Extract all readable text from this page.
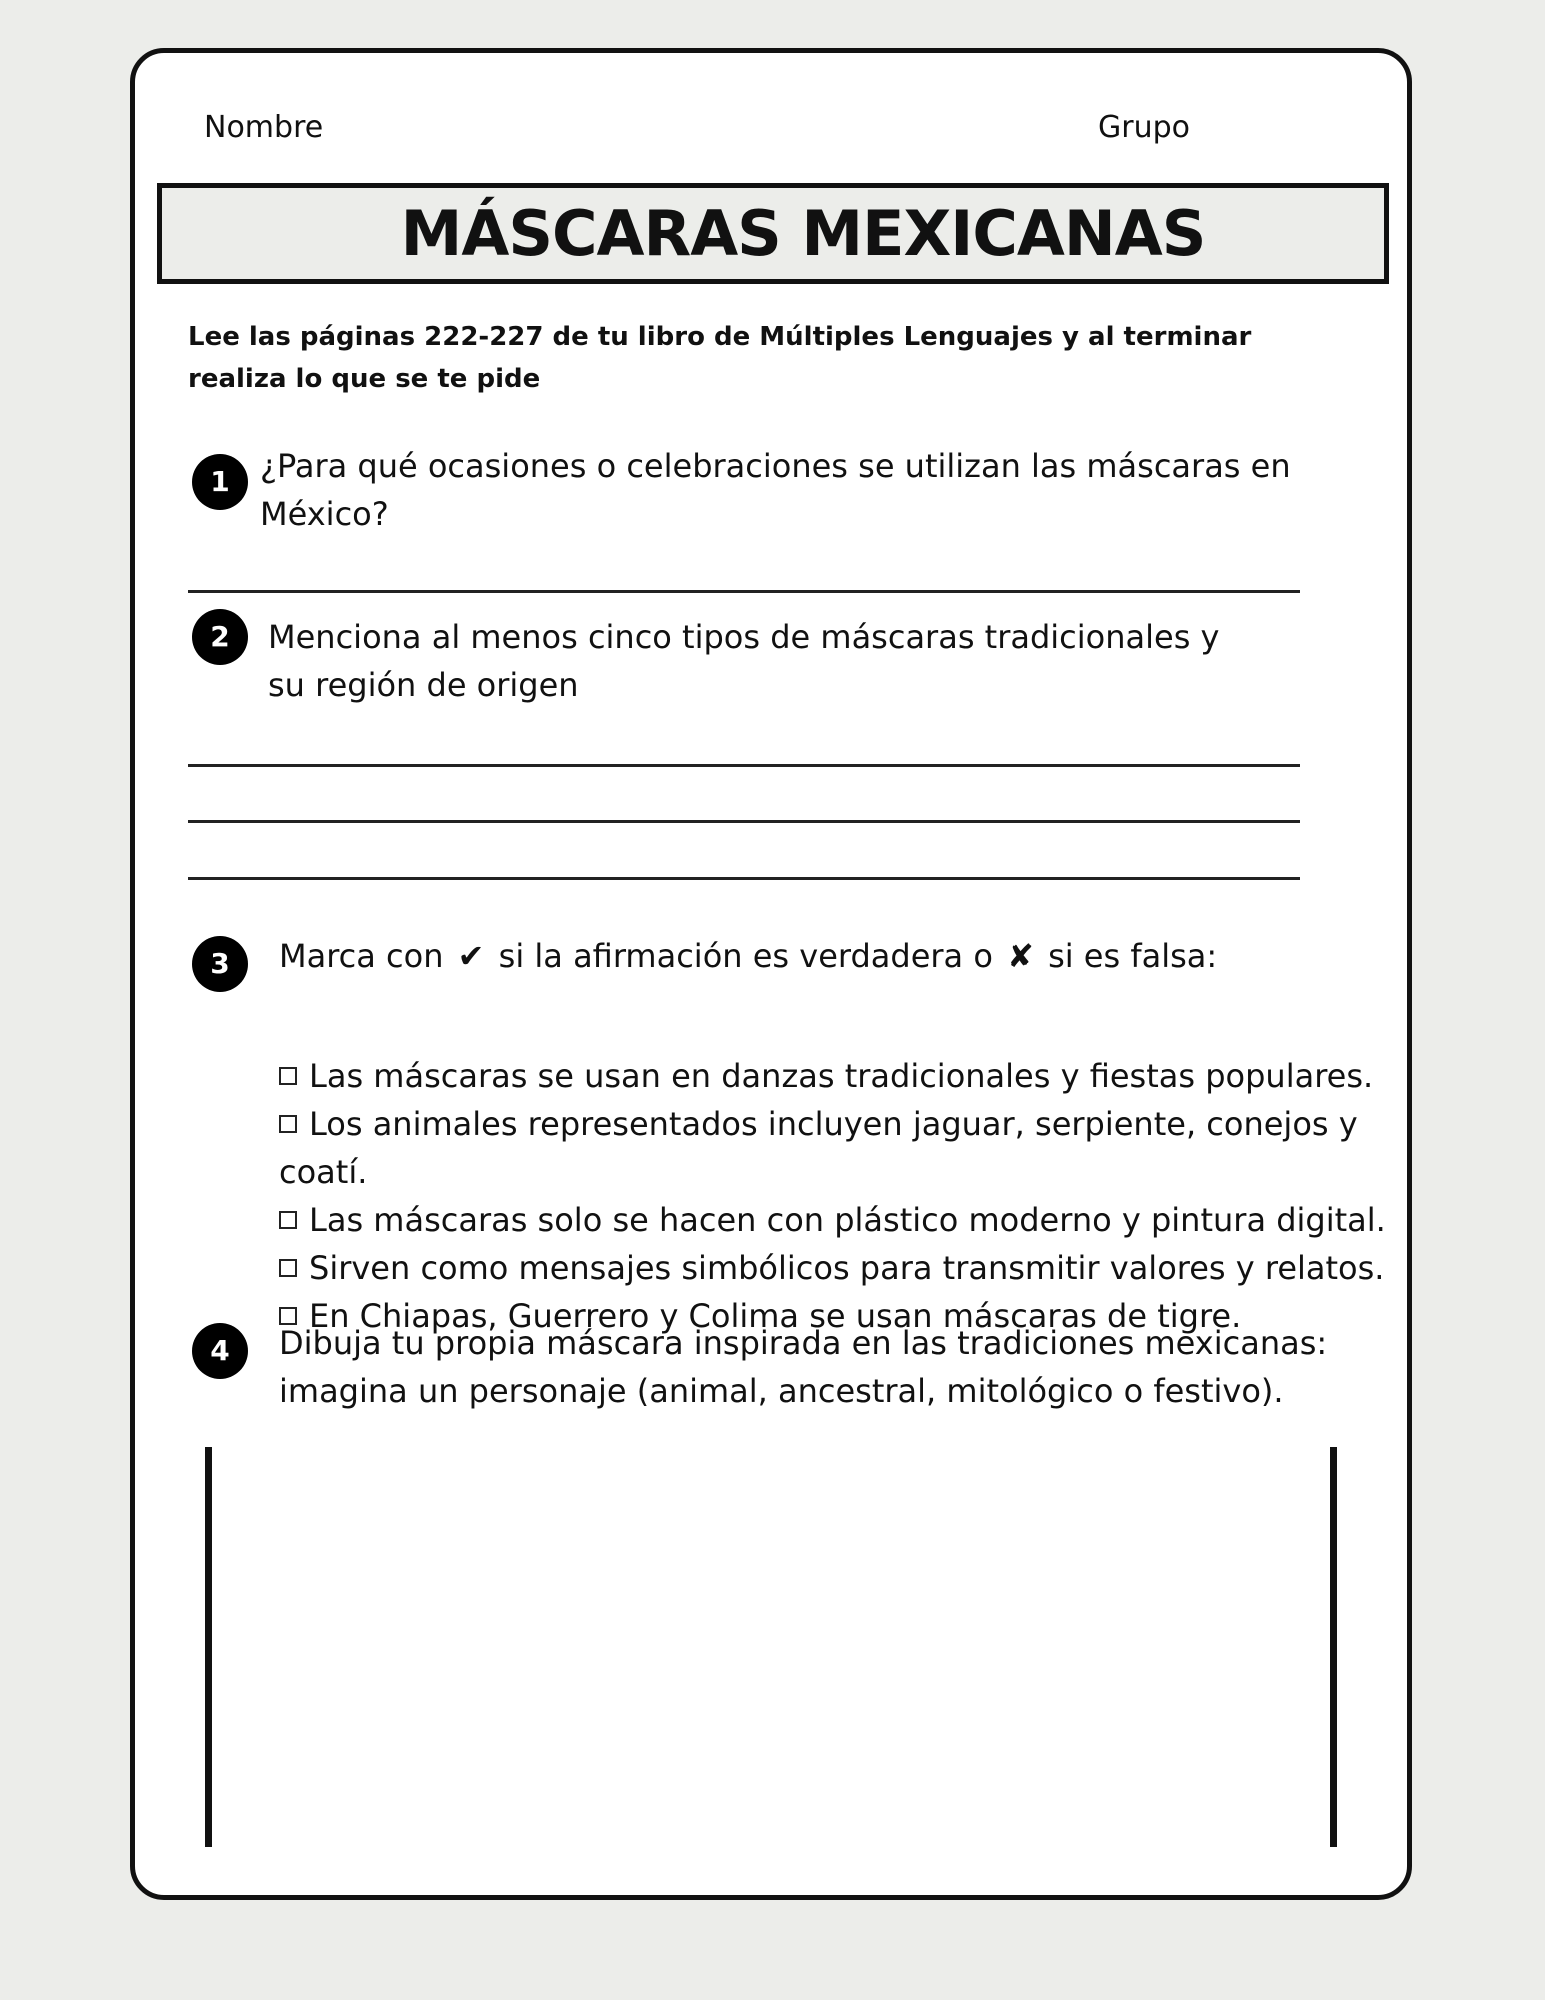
Nombre	Grupo
MÁSCARAS MEXICANAS
Lee las páginas 222-227 de tu libro de Múltiples Lenguajes y al terminar realiza lo que se te pide
1 ¿Para qué ocasiones o celebraciones se utilizan las máscaras en
México?
2	Menciona al menos cinco tipos de máscaras tradicionales y
su región de origen
3	Marca con ✔ si la afirmación es verdadera o ✘ si es falsa:
Las máscaras se usan en danzas tradicionales y fiestas populares.
Los animales representados incluyen jaguar, serpiente, conejos y coatí.
Las máscaras solo se hacen con plástico moderno y pintura digital.
Sirven como mensajes simbólicos para transmitir valores y relatos.
En Chiapas, Guerrero y Colima se usan máscaras de tigre.
4	Dibuja tu propia máscara inspirada en las tradiciones mexicanas:
imagina un personaje (animal, ancestral, mitológico o festivo).
